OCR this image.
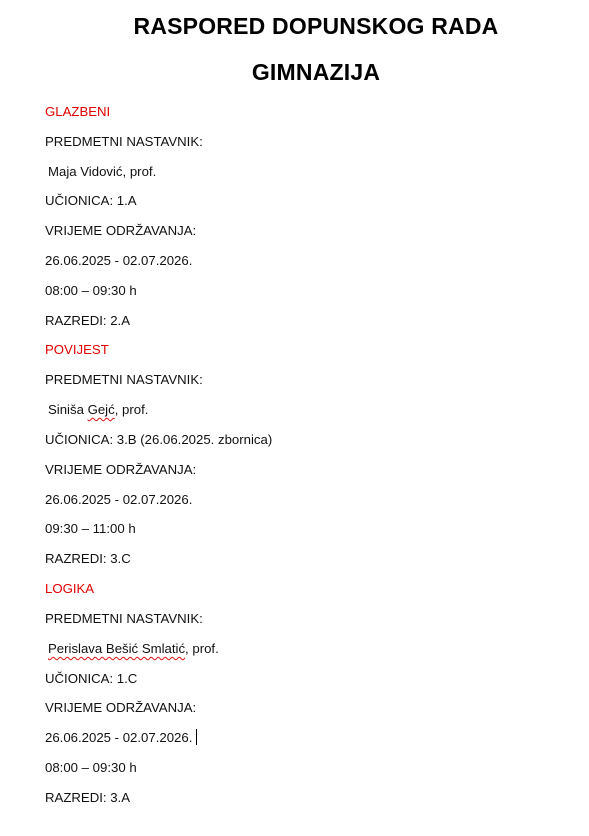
RASPORED DOPUNSKOG RADA
GIMNAZIJA
GLAZBENI
PREDMETNI NASTAVNIK:
Maja Vidović, prof.
UČIONICA: 1.A
VRIJEME ODRŽAVANJA:
26.06.2025 - 02.07.2026.
08:00 – 09:30 h
RAZREDI: 2.A
POVIJEST
PREDMETNI NASTAVNIK:
Siniša Gejć, prof.
UČIONICA: 3.B (26.06.2025. zbornica)
VRIJEME ODRŽAVANJA:
26.06.2025 - 02.07.2026.
09:30 – 11:00 h
RAZREDI: 3.C
LOGIKA
PREDMETNI NASTAVNIK:
Perislava Bešić Smlatić, prof.
UČIONICA: 1.C
VRIJEME ODRŽAVANJA:
26.06.2025 - 02.07.2026.
08:00 – 09:30 h
RAZREDI: 3.A
